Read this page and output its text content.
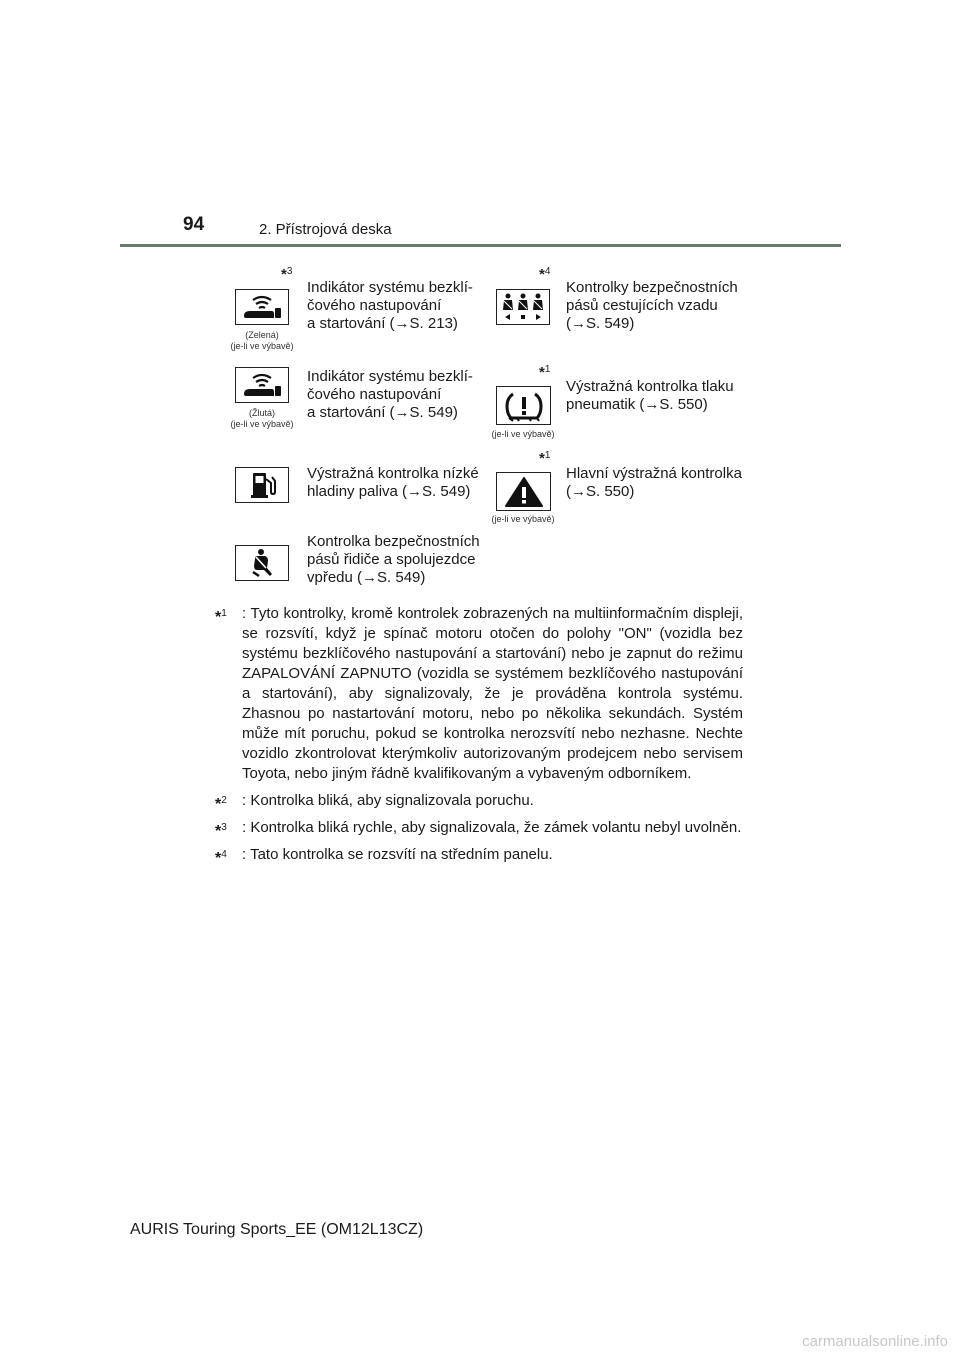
94	2. Přístrojová deska
*$^3$
(Zelená)
(je-li ve výbavě)
Indikátor systému bezklí-
čového nastupování
a startování (→S. 213)
*$^4$
Kontrolky bezpečnostních
pásů cestujících vzadu
(→S. 549)
(Žlutá)
(je-li ve výbavě)
Indikátor systému bezklí-
čového nastupování
a startování (→S. 549)
*$^1$
(je-li ve výbavě)
Výstražná kontrolka tlaku
pneumatik (→S. 550)
Výstražná kontrolka nízké
hladiny paliva (→S. 549)
*$^1$
(je-li ve výbavě)
Hlavní výstražná kontrolka
(→S. 550)
Kontrolka bezpečnostních
pásů řidiče a spolujezdce
vpředu (→S. 549)
*$^1$ : Tyto kontrolky, kromě kontrolek zobrazených na multiinformačním displeji, se rozsvítí, když je spínač motoru otočen do polohy "ON" (vozidla bez systému bezklíčového nastupování a startování) nebo je zapnut do režimu ZAPALOVÁNÍ ZAPNUTO (vozidla se systémem bezklíčového nastupování a startování), aby signalizovaly, že je prováděna kontrola systému. Zhasnou po nastartování motoru, nebo po několika sekundách. Systém může mít poruchu, pokud se kontrolka nerozsvítí nebo nezhasne. Nechte vozidlo zkontrolovat kterýmkoliv autorizovaným prodejcem nebo servisem Toyota, nebo jiným řádně kvalifikovaným a vybaveným odborníkem.
*$^2$ : Kontrolka bliká, aby signalizovala poruchu.
*$^3$ : Kontrolka bliká rychle, aby signalizovala, že zámek volantu nebyl uvolněn.
*$^4$ : Tato kontrolka se rozsvítí na středním panelu.
AURIS Touring Sports_EE (OM12L13CZ)
carmanualsonline.info
